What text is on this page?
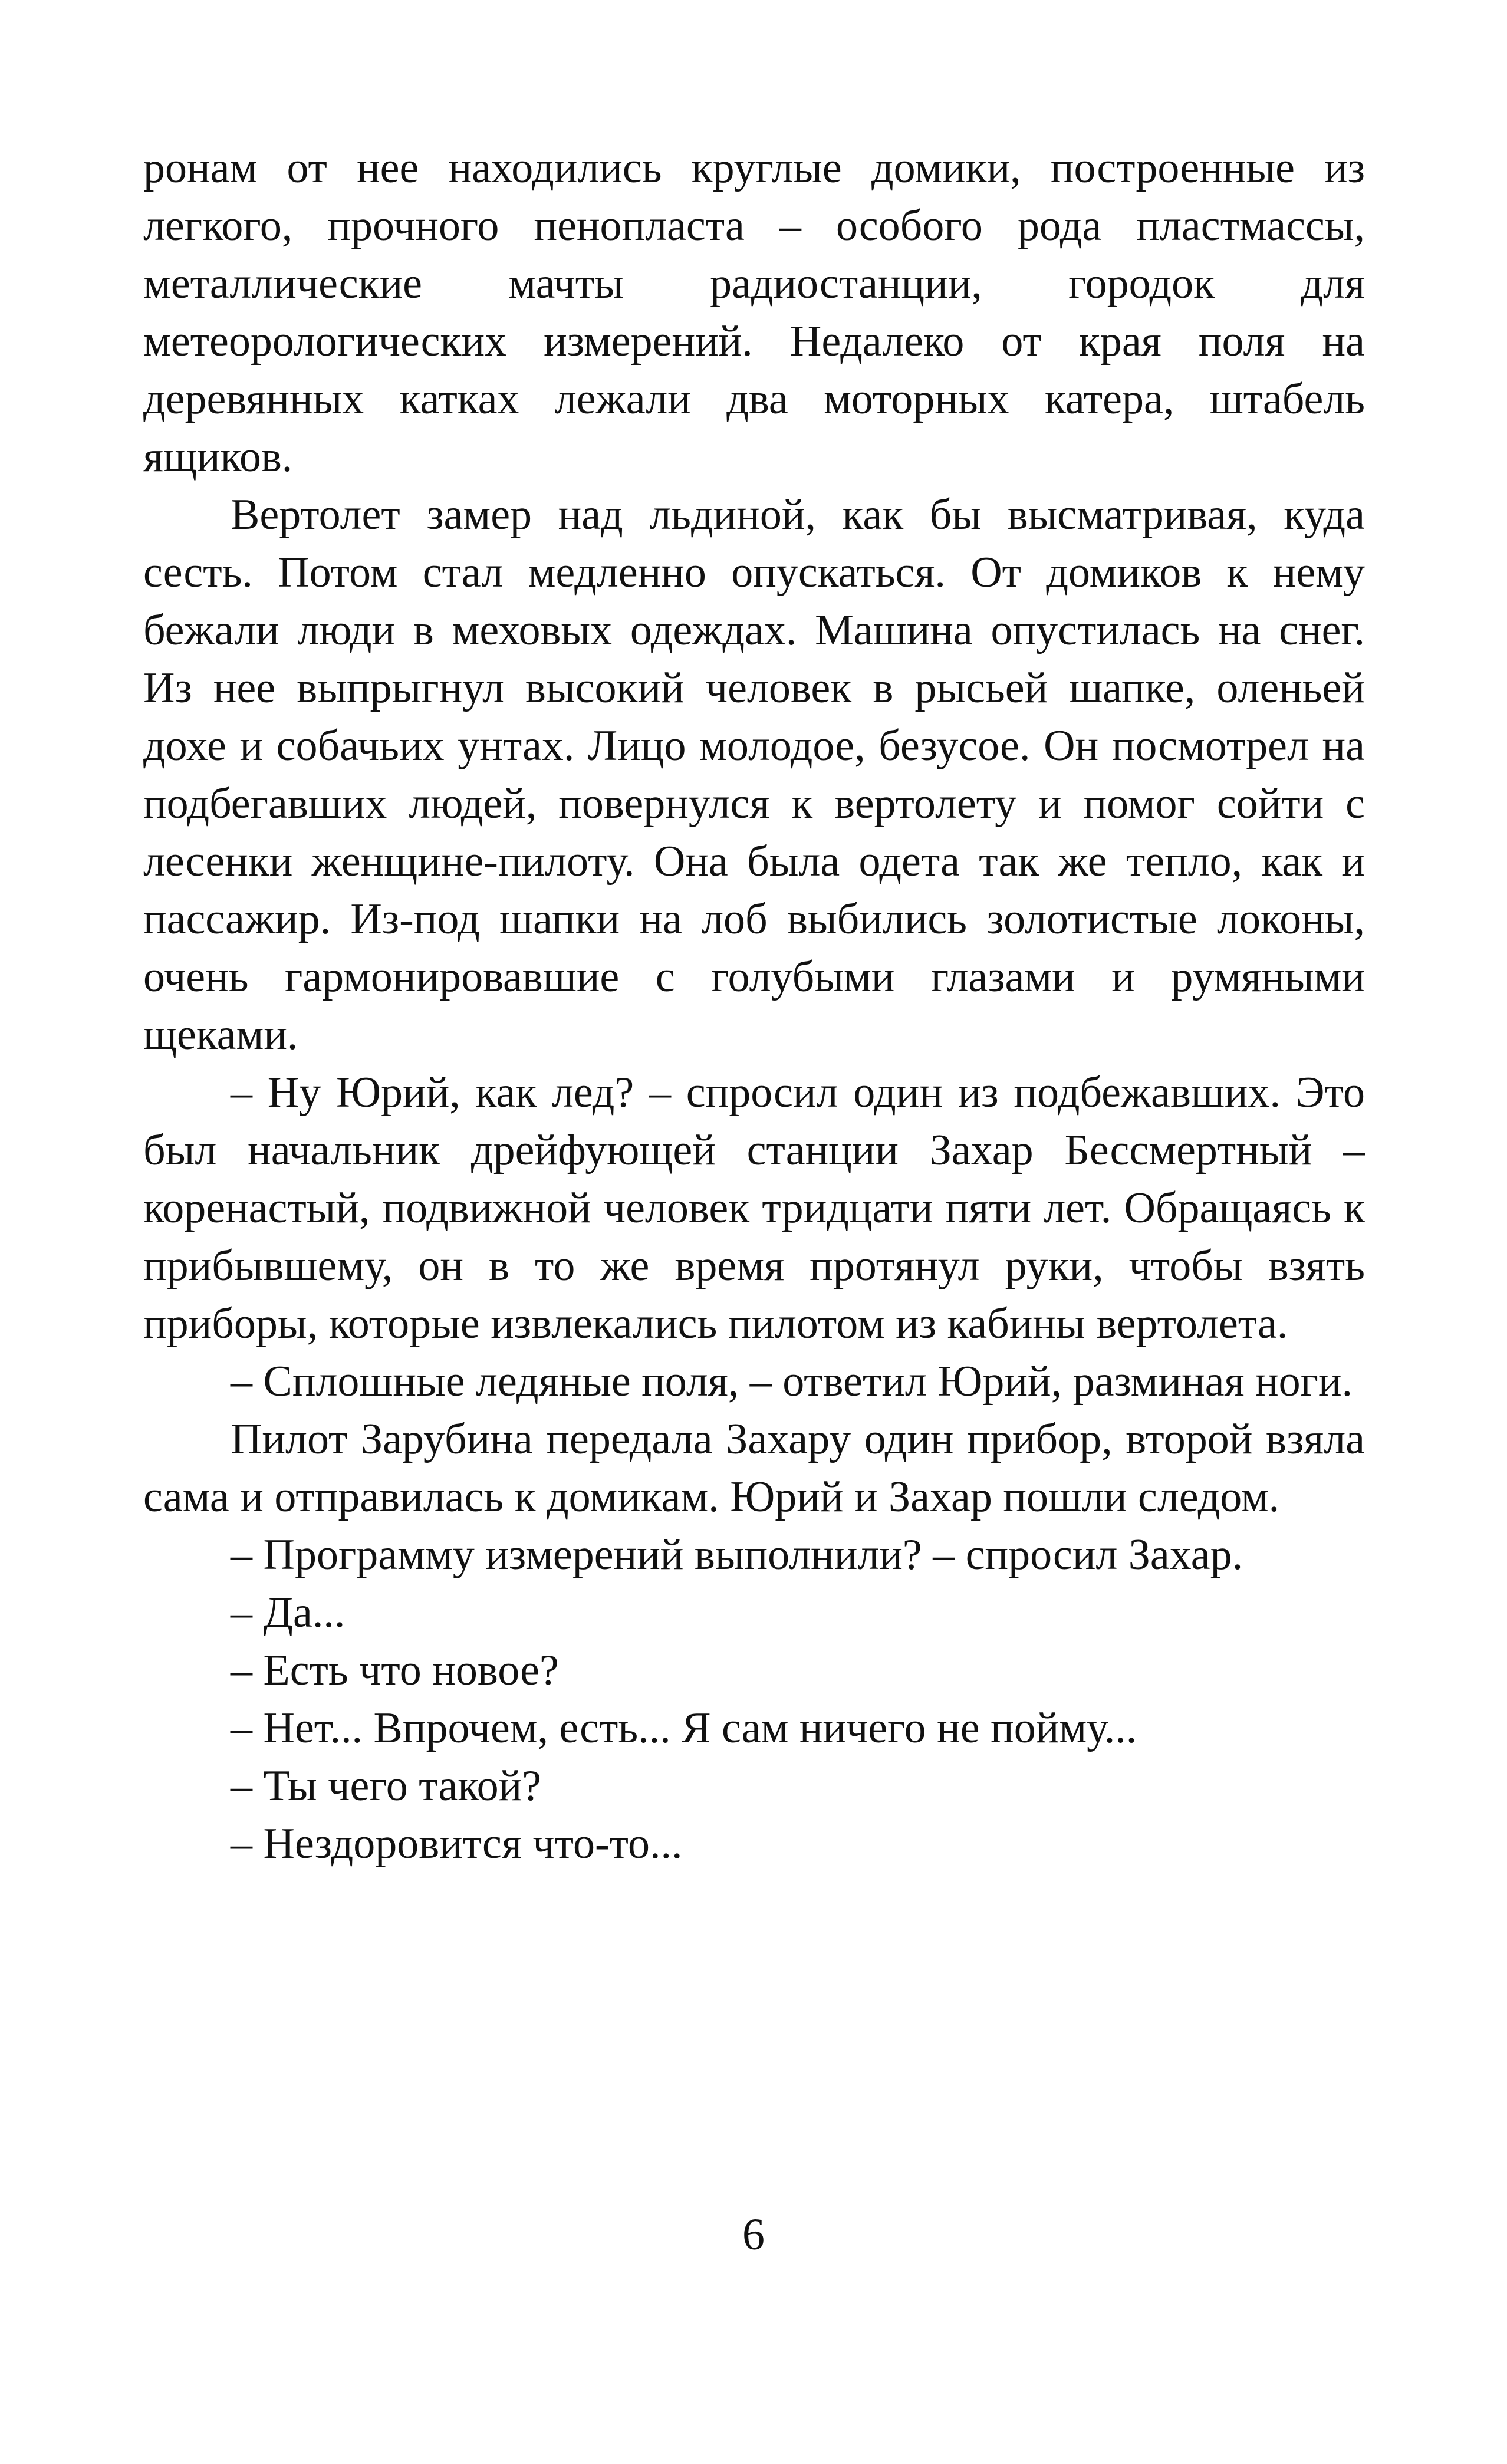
ронам от нее находились круглые домики, построенные из легкого, прочного пенопласта – особого рода пластмассы, металлические мачты радиостанции, городок для метеорологических измерений. Недалеко от края поля на деревянных катках лежали два моторных катера, штабель ящиков.

Вертолет замер над льдиной, как бы высматривая, куда сесть. Потом стал медленно опускаться. От домиков к нему бежали люди в меховых одеждах. Машина опустилась на снег. Из нее выпрыгнул высокий человек в рысьей шапке, оленьей дохе и собачьих унтах. Лицо молодое, безусое. Он посмотрел на подбегавших людей, повернулся к вертолету и помог сойти с лесенки женщине-пилоту. Она была одета так же тепло, как и пассажир. Из-под шапки на лоб выбились золотистые локоны, очень гармонировавшие с голубыми глазами и румяными щеками.

– Ну Юрий, как лед? – спросил один из подбежавших. Это был начальник дрейфующей станции Захар Бессмертный – коренастый, подвижной человек тридцати пяти лет. Обращаясь к прибывшему, он в то же время протянул руки, чтобы взять приборы, которые извлекались пилотом из кабины вертолета.

– Сплошные ледяные поля, – ответил Юрий, разминая ноги.

Пилот Зарубина передала Захару один прибор, второй взяла сама и отправилась к домикам. Юрий и Захар пошли следом.

– Программу измерений выполнили? – спросил Захар.

– Да...

– Есть что новое?

– Нет... Впрочем, есть... Я сам ничего не пойму...

– Ты чего такой?

– Нездоровится что-то...

6
